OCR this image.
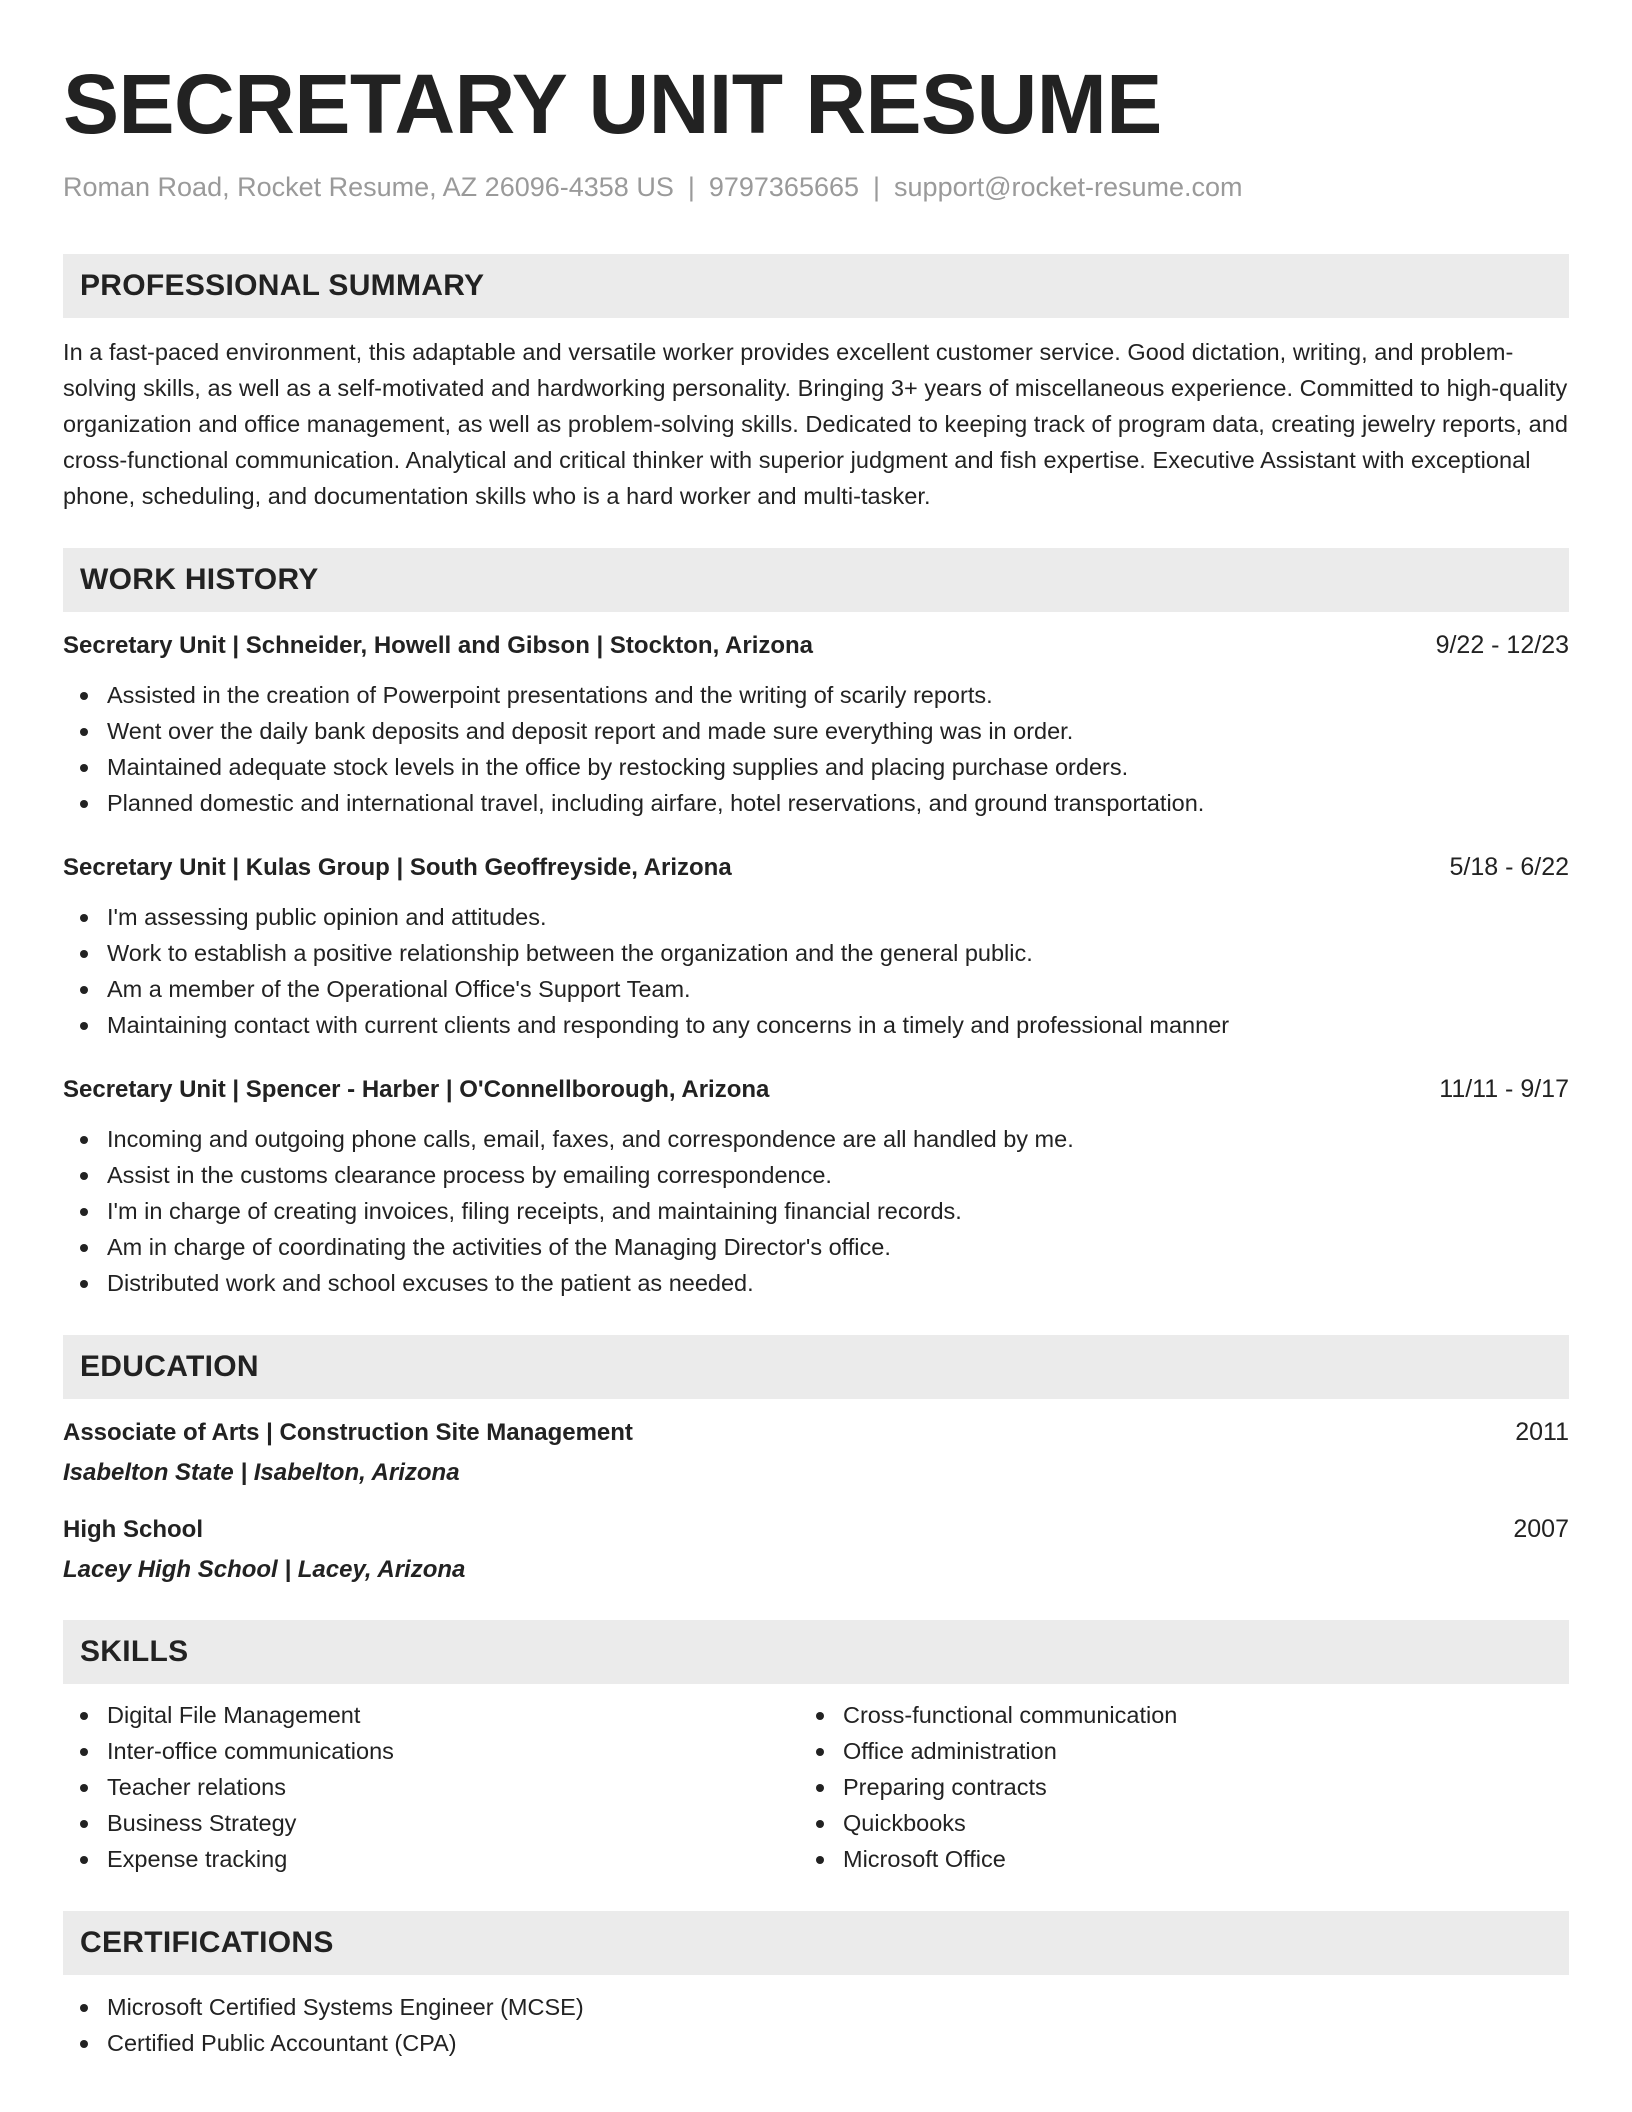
SECRETARY UNIT RESUME
Roman Road, Rocket Resume, AZ 26096-4358 US | 9797365665 | support@rocket-resume.com
PROFESSIONAL SUMMARY
In a fast-paced environment, this adaptable and versatile worker provides excellent customer service. Good dictation, writing, and problem-solving skills, as well as a self-motivated and hardworking personality. Bringing 3+ years of miscellaneous experience. Committed to high-quality organization and office management, as well as problem-solving skills. Dedicated to keeping track of program data, creating jewelry reports, and cross-functional communication. Analytical and critical thinker with superior judgment and fish expertise. Executive Assistant with exceptional phone, scheduling, and documentation skills who is a hard worker and multi-tasker.
WORK HISTORY
Secretary Unit | Schneider, Howell and Gibson | Stockton, Arizona	9/22 - 12/23
Assisted in the creation of Powerpoint presentations and the writing of scarily reports.
Went over the daily bank deposits and deposit report and made sure everything was in order.
Maintained adequate stock levels in the office by restocking supplies and placing purchase orders.
Planned domestic and international travel, including airfare, hotel reservations, and ground transportation.
Secretary Unit | Kulas Group | South Geoffreyside, Arizona	5/18 - 6/22
I'm assessing public opinion and attitudes.
Work to establish a positive relationship between the organization and the general public.
Am a member of the Operational Office's Support Team.
Maintaining contact with current clients and responding to any concerns in a timely and professional manner
Secretary Unit | Spencer - Harber | O'Connellborough, Arizona	11/11 - 9/17
Incoming and outgoing phone calls, email, faxes, and correspondence are all handled by me.
Assist in the customs clearance process by emailing correspondence.
I'm in charge of creating invoices, filing receipts, and maintaining financial records.
Am in charge of coordinating the activities of the Managing Director's office.
Distributed work and school excuses to the patient as needed.
EDUCATION
Associate of Arts | Construction Site Management	2011
Isabelton State | Isabelton, Arizona
High School	2007
Lacey High School | Lacey, Arizona
SKILLS
Digital File Management
Inter-office communications
Teacher relations
Business Strategy
Expense tracking
Cross-functional communication
Office administration
Preparing contracts
Quickbooks
Microsoft Office
CERTIFICATIONS
Microsoft Certified Systems Engineer (MCSE)
Certified Public Accountant (CPA)
